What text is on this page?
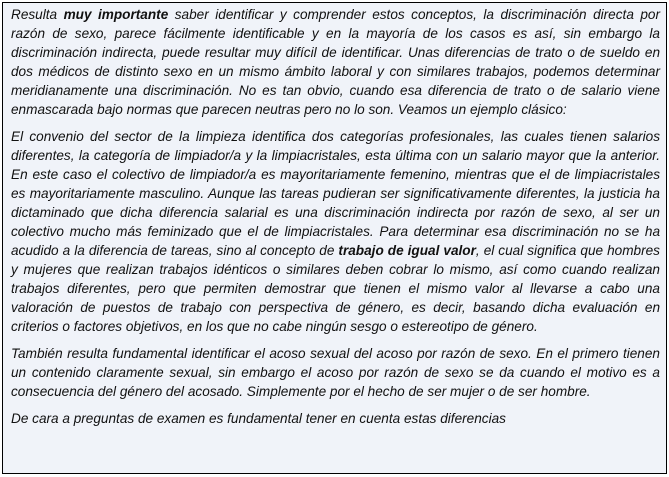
Resulta muy importante saber identificar y comprender estos conceptos, la discriminación directa por razón de sexo, parece fácilmente identificable y en la mayoría de los casos es así, sin embargo la discriminación indirecta, puede resultar muy difícil de identificar. Unas diferencias de trato o de sueldo en dos médicos de distinto sexo en un mismo ámbito laboral y con similares trabajos, podemos determinar meridianamente una discriminación. No es tan obvio, cuando esa diferencia de trato o de salario viene enmascarada bajo normas que parecen neutras pero no lo son. Veamos un ejemplo clásico:

El convenio del sector de la limpieza identifica dos categorías profesionales, las cuales tienen salarios diferentes, la categoría de limpiador/a y la limpiacristales, esta última con un salario mayor que la anterior. En este caso el colectivo de limpiador/a es mayoritariamente femenino, mientras que el de limpiacristales es mayoritariamente masculino. Aunque las tareas pudieran ser significativamente diferentes, la justicia ha dictaminado que dicha diferencia salarial es una discriminación indirecta por razón de sexo, al ser un colectivo mucho más feminizado que el de limpiacristales. Para determinar esa discriminación no se ha acudido a la diferencia de tareas, sino al concepto de trabajo de igual valor, el cual significa que hombres y mujeres que realizan trabajos idénticos o similares deben cobrar lo mismo, así como cuando realizan trabajos diferentes, pero que permiten demostrar que tienen el mismo valor al llevarse a cabo una valoración de puestos de trabajo con perspectiva de género, es decir, basando dicha evaluación en criterios o factores objetivos, en los que no cabe ningún sesgo o estereotipo de género.

También resulta fundamental identificar el acoso sexual del acoso por razón de sexo. En el primero tienen un contenido claramente sexual, sin embargo el acoso por razón de sexo se da cuando el motivo es a consecuencia del género del acosado. Simplemente por el hecho de ser mujer o de ser hombre.

De cara a preguntas de examen es fundamental tener en cuenta estas diferencias
